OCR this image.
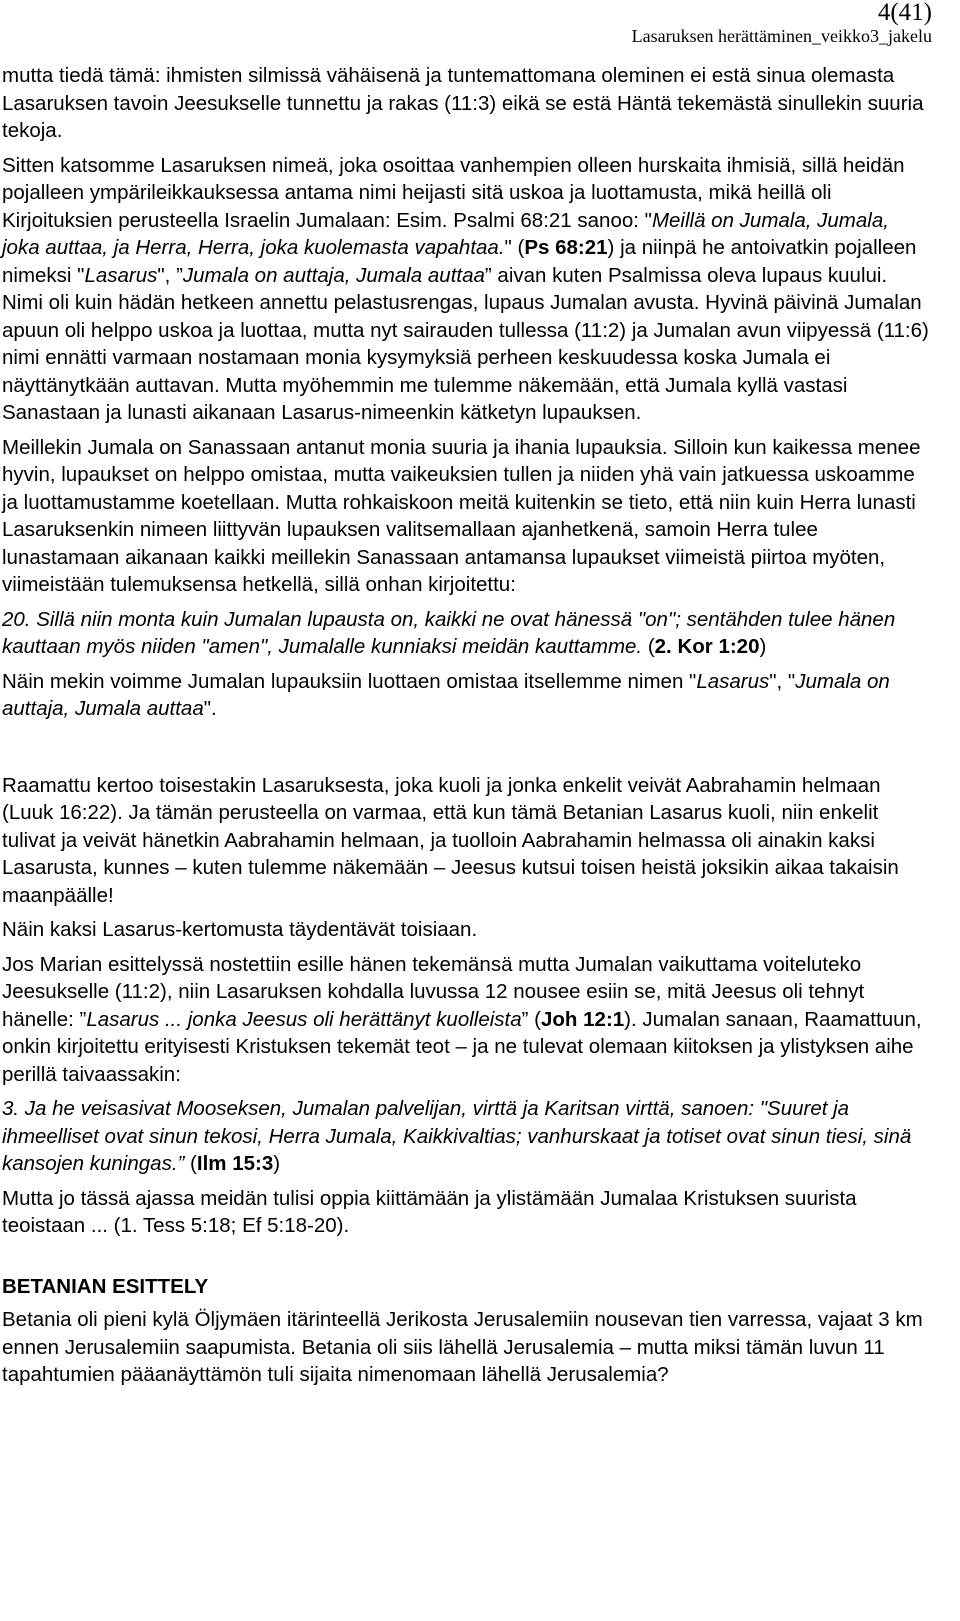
4(41)
Lasaruksen herättäminen_veikko3_jakelu

mutta tiedä tämä: ihmisten silmissä vähäisenä ja tuntemattomana oleminen ei estä sinua olemasta Lasaruksen tavoin Jeesukselle tunnettu ja rakas (11:3) eikä se estä Häntä tekemästä sinullekin suuria tekoja.

Sitten katsomme Lasaruksen nimeä, joka osoittaa vanhempien olleen hurskaita ihmisiä, sillä heidän pojalleen ympärileikkauksessa antama nimi heijasti sitä uskoa ja luottamusta, mikä heillä oli Kirjoituksien perusteella Israelin Jumalaan: Esim. Psalmi 68:21 sanoo: "Meillä on Jumala, Jumala, joka auttaa, ja Herra, Herra, joka kuolemasta vapahtaa." (Ps 68:21) ja niinpä he antoivatkin pojalleen nimeksi "Lasarus", ”Jumala on auttaja, Jumala auttaa” aivan kuten Psalmissa oleva lupaus kuului. Nimi oli kuin hädän hetkeen annettu pelastusrengas, lupaus Jumalan avusta. Hyvinä päivinä Jumalan apuun oli helppo uskoa ja luottaa, mutta nyt sairauden tullessa (11:2) ja Jumalan avun viipyessä (11:6) nimi ennätti varmaan nostamaan monia kysymyksiä perheen keskuudessa koska Jumala ei näyttänytkään auttavan. Mutta myöhemmin me tulemme näkemään, että Jumala kyllä vastasi Sanastaan ja lunasti aikanaan Lasarus-nimeenkin kätketyn lupauksen.

Meillekin Jumala on Sanassaan antanut monia suuria ja ihania lupauksia. Silloin kun kaikessa menee hyvin, lupaukset on helppo omistaa, mutta vaikeuksien tullen ja niiden yhä vain jatkuessa uskoamme ja luottamustamme koetellaan. Mutta rohkaiskoon meitä kuitenkin se tieto, että niin kuin Herra lunasti Lasaruksenkin nimeen liittyvän lupauksen valitsemallaan ajanhetkenä, samoin Herra tulee lunastamaan aikanaan kaikki meillekin Sanassaan antamansa lupaukset viimeistä piirtoa myöten, viimeistään tulemuksensa hetkellä, sillä onhan kirjoitettu:

20. Sillä niin monta kuin Jumalan lupausta on, kaikki ne ovat hänessä "on"; sentähden tulee hänen kauttaan myös niiden "amen", Jumalalle kunniaksi meidän kauttamme. (2. Kor 1:20)

Näin mekin voimme Jumalan lupauksiin luottaen omistaa itsellemme nimen "Lasarus", "Jumala on auttaja, Jumala auttaa".

Raamattu kertoo toisestakin Lasaruksesta, joka kuoli ja jonka enkelit veivät Aabrahamin helmaan (Luuk 16:22). Ja tämän perusteella on varmaa, että kun tämä Betanian Lasarus kuoli, niin enkelit tulivat ja veivät hänetkin Aabrahamin helmaan, ja tuolloin Aabrahamin helmassa oli ainakin kaksi Lasarusta, kunnes – kuten tulemme näkemään – Jeesus kutsui toisen heistä joksikin aikaa takaisin maanpäälle!

Näin kaksi Lasarus-kertomusta täydentävät toisiaan.

Jos Marian esittelyssä nostettiin esille hänen tekemänsä mutta Jumalan vaikuttama voiteluteko Jeesukselle (11:2), niin Lasaruksen kohdalla luvussa 12 nousee esiin se, mitä Jeesus oli tehnyt hänelle: ”Lasarus ... jonka Jeesus oli herättänyt kuolleista” (Joh 12:1). Jumalan sanaan, Raamattuun, onkin kirjoitettu erityisesti Kristuksen tekemät teot – ja ne tulevat olemaan kiitoksen ja ylistyksen aihe perillä taivaassakin:

3. Ja he veisasivat Mooseksen, Jumalan palvelijan, virttä ja Karitsan virttä, sanoen: "Suuret ja ihmeelliset ovat sinun tekosi, Herra Jumala, Kaikkivaltias; vanhurskaat ja totiset ovat sinun tiesi, sinä kansojen kuningas.” (Ilm 15:3)

Mutta jo tässä ajassa meidän tulisi oppia kiittämään ja ylistämään Jumalaa Kristuksen suurista teoistaan ... (1. Tess 5:18; Ef 5:18-20).

BETANIAN ESITTELY

Betania oli pieni kylä Öljymäen itärinteellä Jerikosta Jerusalemiin nousevan tien varressa, vajaat 3 km ennen Jerusalemiin saapumista. Betania oli siis lähellä Jerusalemia – mutta miksi tämän luvun 11 tapahtumien pääanäyttämön tuli sijaita nimenomaan lähellä Jerusalemia?
